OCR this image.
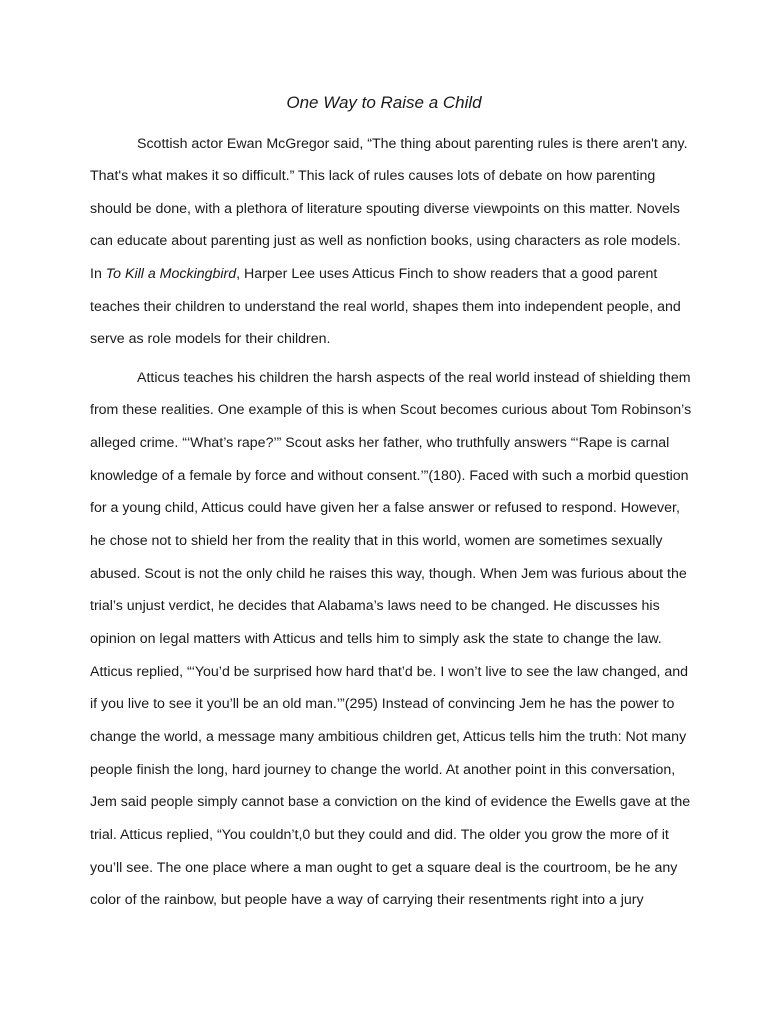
One Way to Raise a Child
Scottish actor Ewan McGregor said, “The thing about parenting rules is there aren't any.
That's what makes it so difficult.” This lack of rules causes lots of debate on how parenting
should be done, with a plethora of literature spouting diverse viewpoints on this matter. Novels
can educate about parenting just as well as nonfiction books, using characters as role models.
In To Kill a Mockingbird, Harper Lee uses Atticus Finch to show readers that a good parent
teaches their children to understand the real world, shapes them into independent people, and
serve as role models for their children.
Atticus teaches his children the harsh aspects of the real world instead of shielding them
from these realities. One example of this is when Scout becomes curious about Tom Robinson’s
alleged crime. “‘What’s rape?’” Scout asks her father, who truthfully answers “‘Rape is carnal
knowledge of a female by force and without consent.’”(180). Faced with such a morbid question
for a young child, Atticus could have given her a false answer or refused to respond. However,
he chose not to shield her from the reality that in this world, women are sometimes sexually
abused. Scout is not the only child he raises this way, though. When Jem was furious about the
trial’s unjust verdict, he decides that Alabama’s laws need to be changed. He discusses his
opinion on legal matters with Atticus and tells him to simply ask the state to change the law.
Atticus replied, “‘You’d be surprised how hard that’d be. I won’t live to see the law changed, and
if you live to see it you’ll be an old man.’”(295) Instead of convincing Jem he has the power to
change the world, a message many ambitious children get, Atticus tells him the truth: Not many
people finish the long, hard journey to change the world. At another point in this conversation,
Jem said people simply cannot base a conviction on the kind of evidence the Ewells gave at the
trial. Atticus replied, “You couldn’t,0 but they could and did. The older you grow the more of it
you’ll see. The one place where a man ought to get a square deal is the courtroom, be he any
color of the rainbow, but people have a way of carrying their resentments right into a jury
